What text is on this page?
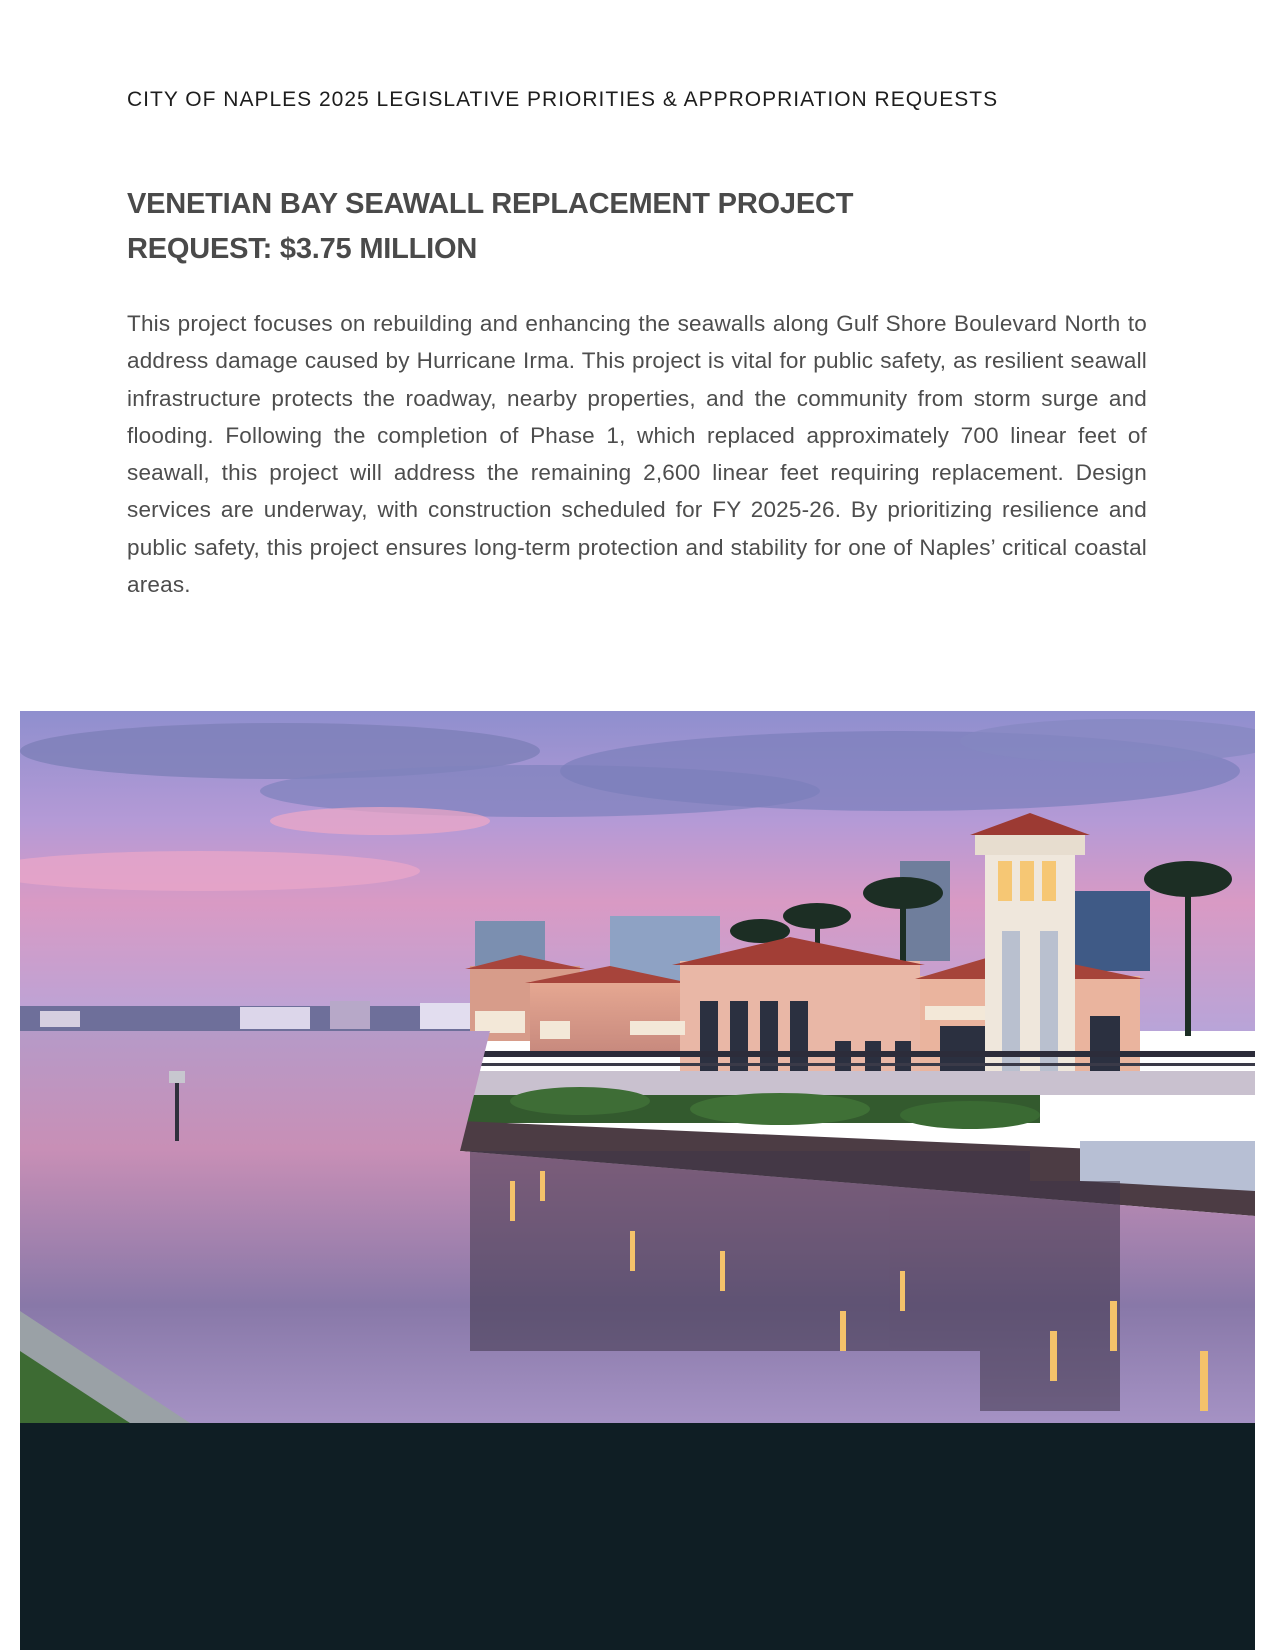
CITY OF NAPLES 2025 LEGISLATIVE PRIORITIES & APPROPRIATION REQUESTS
VENETIAN BAY SEAWALL REPLACEMENT PROJECT
REQUEST: $3.75 MILLION
This project focuses on rebuilding and enhancing the seawalls along Gulf Shore Boulevard North to address damage caused by Hurricane Irma. This project is vital for public safety, as resilient seawall infrastructure protects the roadway, nearby properties, and the community from storm surge and flooding. Following the completion of Phase 1, which replaced approximately 700 linear feet of seawall, this project will address the remaining 2,600 linear feet requiring replacement. Design services are underway, with construction scheduled for FY 2025-26. By prioritizing resilience and public safety, this project ensures long-term protection and stability for one of Naples’ critical coastal areas.
